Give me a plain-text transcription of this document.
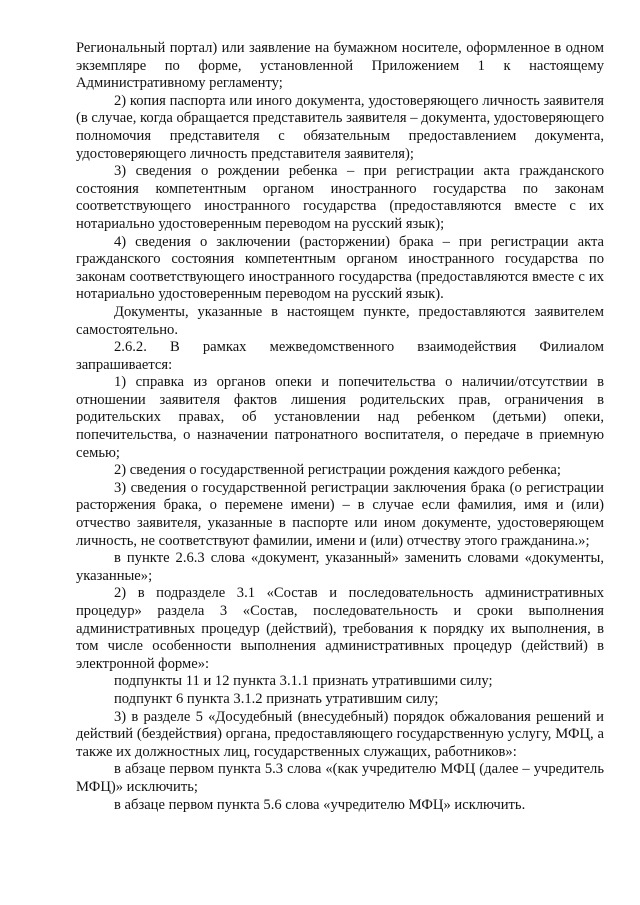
Региональный портал) или заявление на бумажном носителе, оформленное в одном экземпляре по форме, установленной Приложением 1 к настоящему Административному регламенту;

2) копия паспорта или иного документа, удостоверяющего личность заявителя (в случае, когда обращается представитель заявителя – документа, удостоверяющего полномочия представителя с обязательным предоставлением документа, удостоверяющего личность представителя заявителя);

3) сведения о рождении ребенка – при регистрации акта гражданского состояния компетентным органом иностранного государства по законам соответствующего иностранного государства (предоставляются вместе с их нотариально удостоверенным переводом на русский язык);

4) сведения о заключении (расторжении) брака – при регистрации акта гражданского состояния компетентным органом иностранного государства по законам соответствующего иностранного государства (предоставляются вместе с их нотариально удостоверенным переводом на русский язык).

Документы, указанные в настоящем пункте, предоставляются заявителем самостоятельно.

2.6.2. В рамках межведомственного взаимодействия Филиалом запрашивается:

1) справка из органов опеки и попечительства о наличии/отсутствии в отношении заявителя фактов лишения родительских прав, ограничения в родительских правах, об установлении над ребенком (детьми) опеки, попечительства, о назначении патронатного воспитателя, о передаче в приемную семью;

2) сведения о государственной регистрации рождения каждого ребенка;

3) сведения о государственной регистрации заключения брака (о регистрации расторжения брака, о перемене имени) – в случае если фамилия, имя и (или) отчество заявителя, указанные в паспорте или ином документе, удостоверяющем личность, не соответствуют фамилии, имени и (или) отчеству этого гражданина.»;

в пункте 2.6.3 слова «документ, указанный» заменить словами «документы, указанные»;

2) в подразделе 3.1 «Состав и последовательность административных процедур» раздела 3 «Состав, последовательность и сроки выполнения административных процедур (действий), требования к порядку их выполнения, в том числе особенности выполнения административных процедур (действий) в электронной форме»:

подпункты 11 и 12 пункта 3.1.1 признать утратившими силу;

подпункт 6 пункта 3.1.2 признать утратившим силу;

3) в разделе 5 «Досудебный (внесудебный) порядок обжалования решений и действий (бездействия) органа, предоставляющего государственную услугу, МФЦ, а также их должностных лиц, государственных служащих, работников»:

в абзаце первом пункта 5.3 слова «(как учредителю МФЦ (далее – учредитель МФЦ)» исключить;

в абзаце первом пункта 5.6 слова «учредителю МФЦ» исключить.
